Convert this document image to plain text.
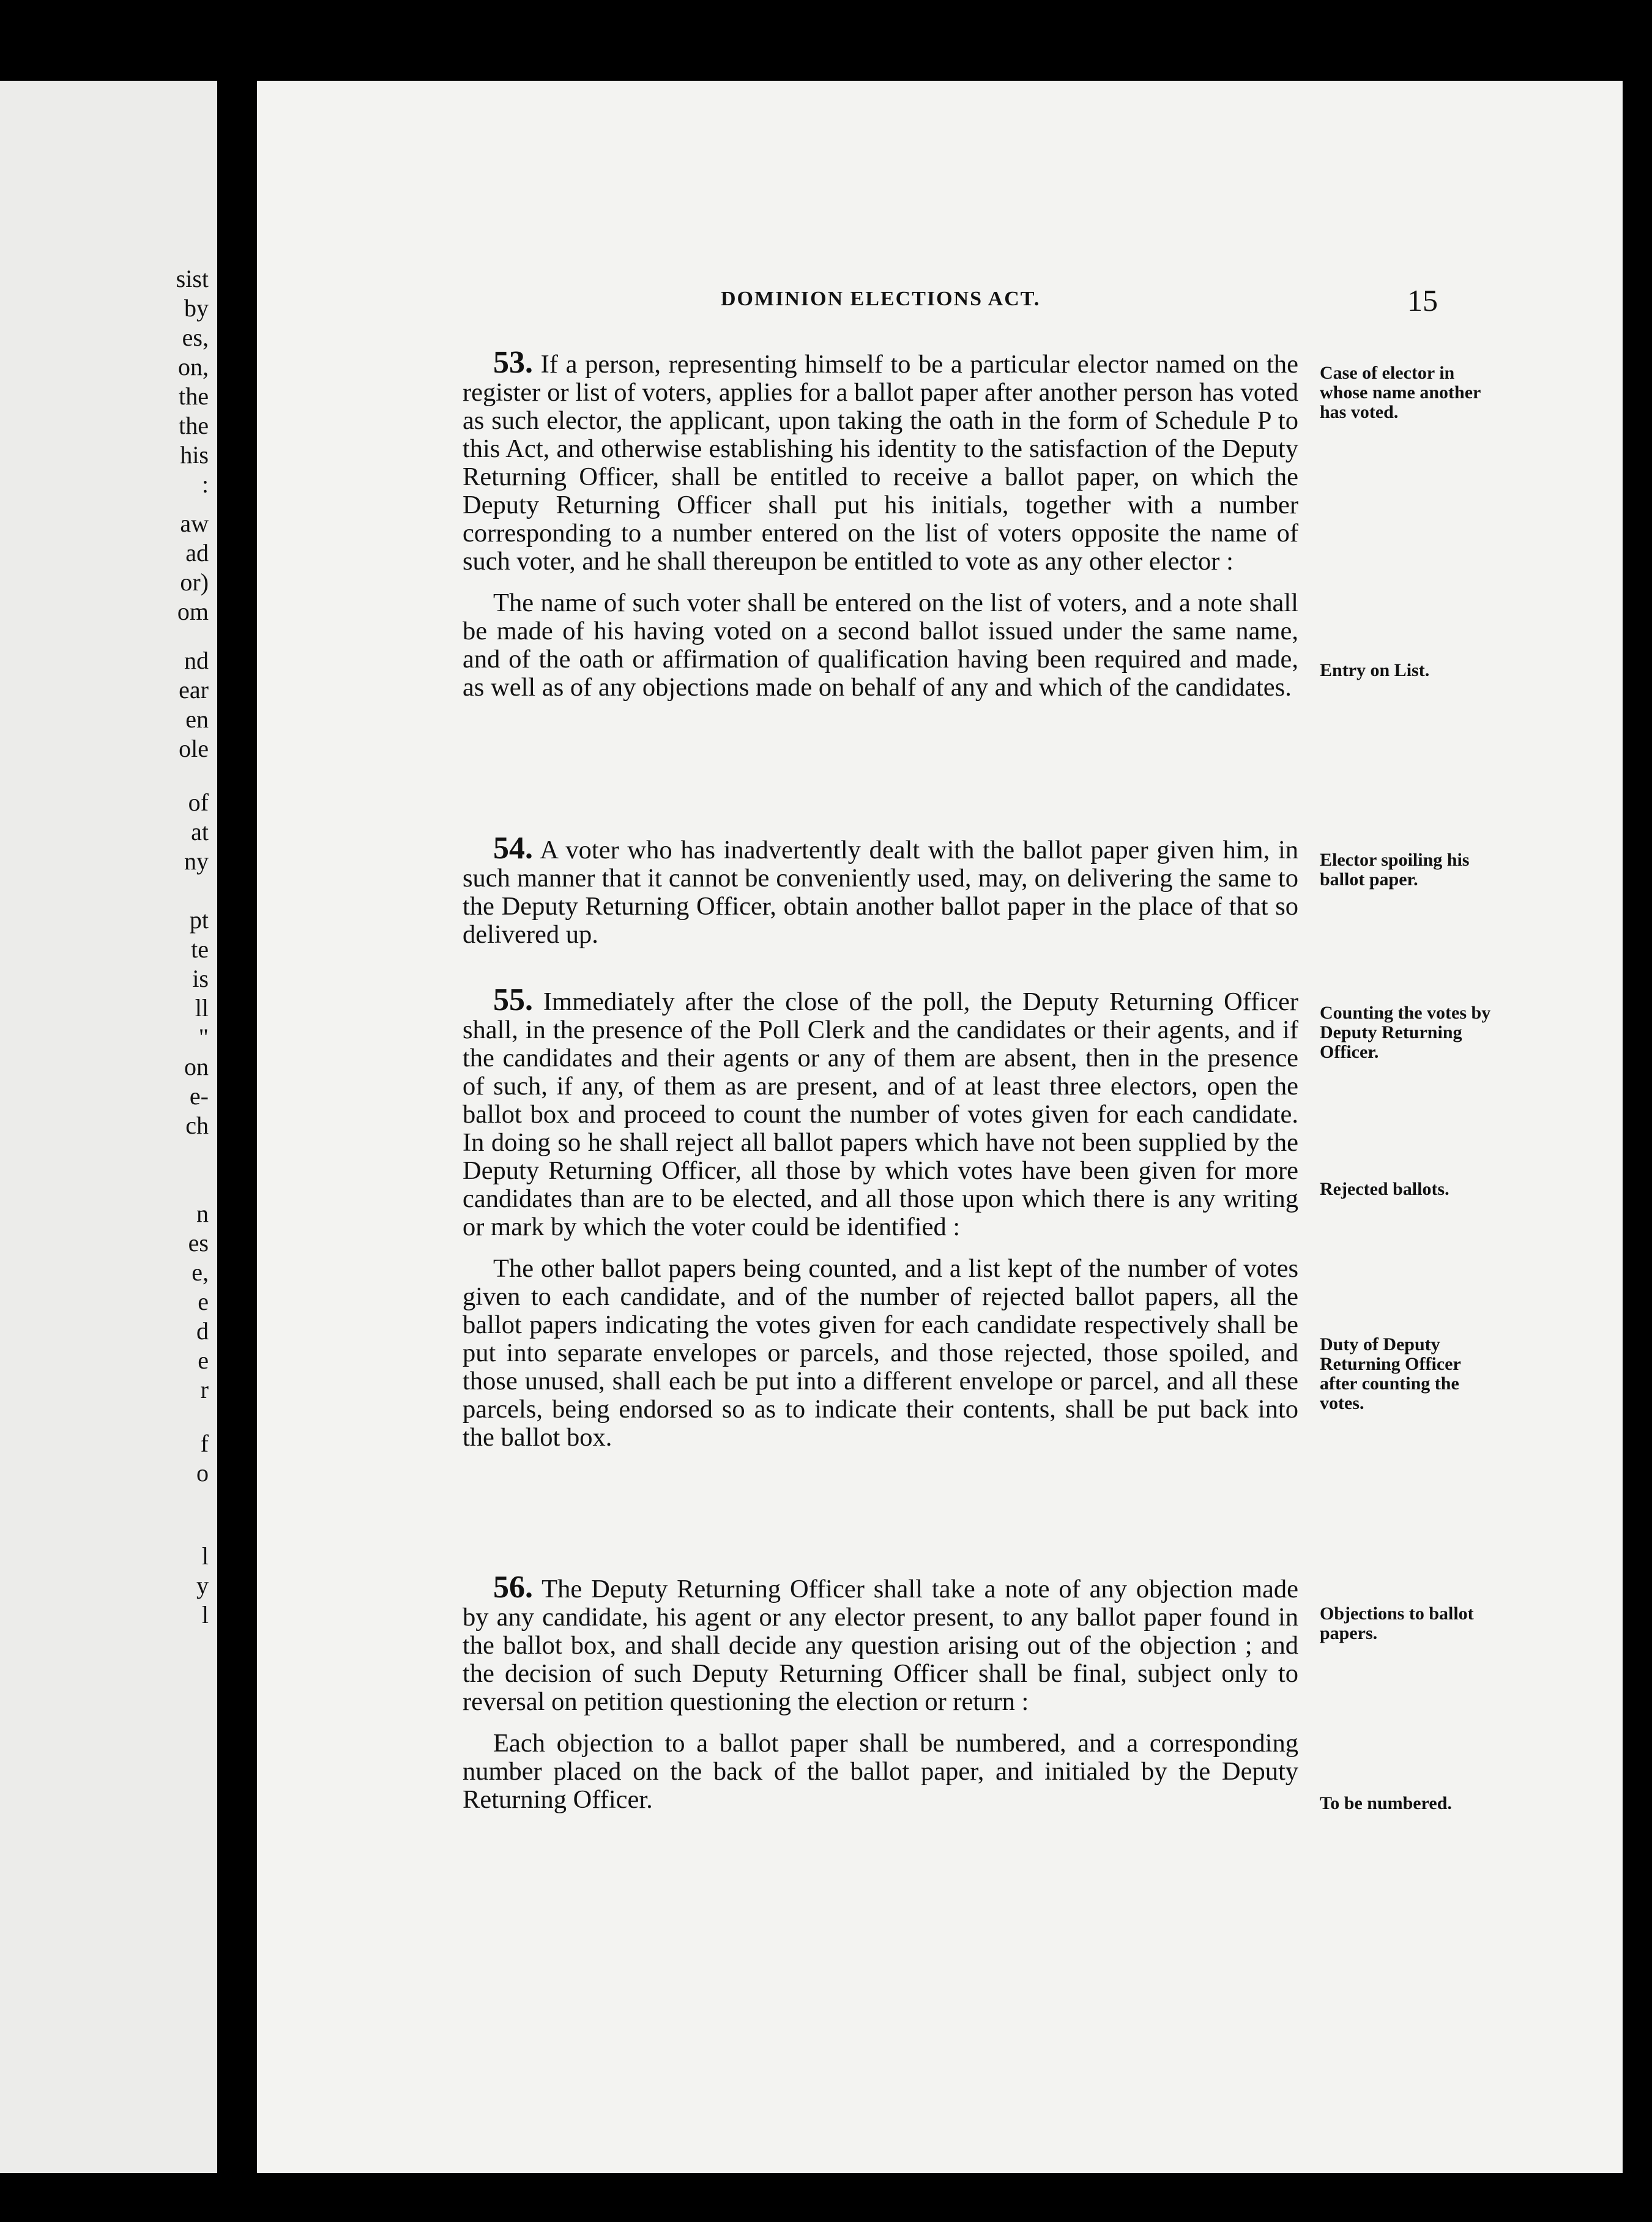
sist
by
es,
on,
the
the
his
:
aw
ad
or)
om
nd
ear
en
ole
of
at
ny
pt
te
is
ll
"
on
e-
ch
n
es
e,
e
d
e
r
f
o
l
y
l
DOMINION ELECTIONS ACT.	15

53. If a person, representing himself to be a particular elector named on the register or list of voters, applies for a ballot paper after another person has voted as such elector, the applicant, upon taking the oath in the form of Schedule P to this Act, and otherwise establishing his identity to the satisfaction of the Deputy Returning Officer, shall be entitled to receive a ballot paper, on which the Deputy Returning Officer shall put his initials, together with a number corresponding to a number entered on the list of voters opposite the name of such voter, and he shall thereupon be entitled to vote as any other elector :

The name of such voter shall be entered on the list of voters, and a note shall be made of his having voted on a second ballot issued under the same name, and of the oath or affirmation of qualification having been required and made, as well as of any objections made on behalf of any and which of the candidates.

54. A voter who has inadvertently dealt with the ballot paper given him, in such manner that it cannot be conveniently used, may, on delivering the same to the Deputy Returning Officer, obtain another ballot paper in the place of that so delivered up.

55. Immediately after the close of the poll, the Deputy Returning Officer shall, in the presence of the Poll Clerk and the candidates or their agents, and if the candidates and their agents or any of them are absent, then in the presence of such, if any, of them as are present, and of at least three electors, open the ballot box and proceed to count the number of votes given for each candidate. In doing so he shall reject all ballot papers which have not been supplied by the Deputy Returning Officer, all those by which votes have been given for more candidates than are to be elected, and all those upon which there is any writing or mark by which the voter could be identified :

The other ballot papers being counted, and a list kept of the number of votes given to each candidate, and of the number of rejected ballot papers, all the ballot papers indicating the votes given for each candidate respectively shall be put into separate envelopes or parcels, and those rejected, those spoiled, and those unused, shall each be put into a different envelope or parcel, and all these parcels, being endorsed so as to indicate their contents, shall be put back into the ballot box.

56. The Deputy Returning Officer shall take a note of any objection made by any candidate, his agent or any elector present, to any ballot paper found in the ballot box, and shall decide any question arising out of the objection ; and the decision of such Deputy Returning Officer shall be final, subject only to reversal on petition questioning the election or return :

Each objection to a ballot paper shall be numbered, and a corresponding number placed on the back of the ballot paper, and initialed by the Deputy Returning Officer.

Case of elector in whose name another has voted.
Entry on List.
Elector spoiling his ballot paper.
Counting the votes by Deputy Returning Officer.
Rejected ballots.
Duty of Deputy Returning Officer after counting the votes.
Objections to ballot papers.
To be numbered.
